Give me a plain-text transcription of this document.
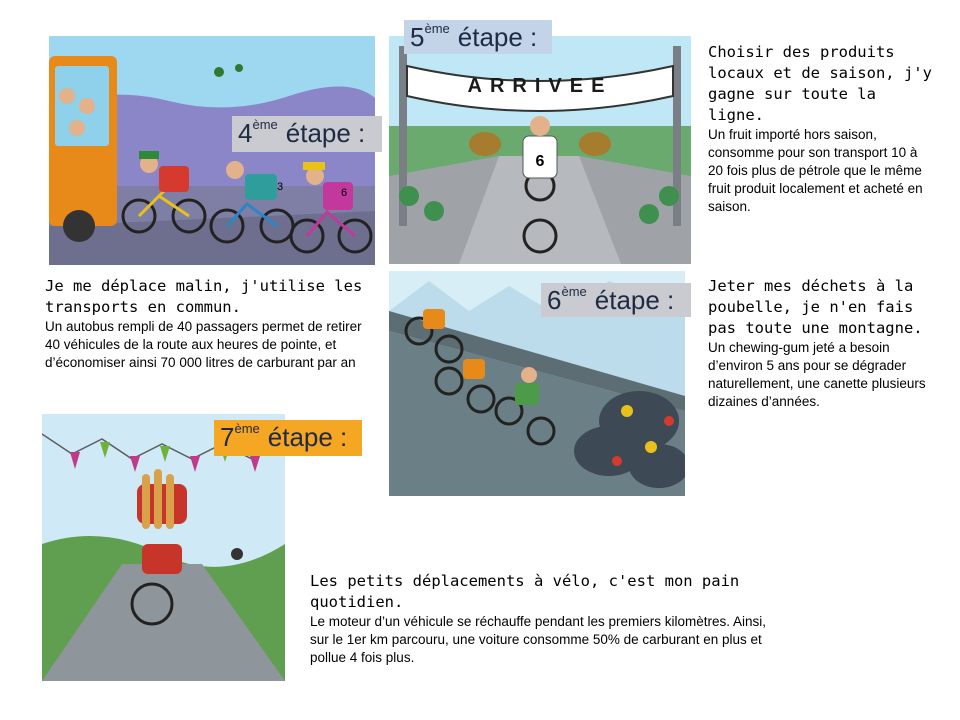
3	6
ARRIVEE
6
4 ème étape :
5 ème étape :
6 ème étape :
7 ème étape :
Choisir des produits locaux et de saison, j'y gagne sur toute la ligne.
Un fruit importé hors saison, consomme pour son transport 10 à 20 fois plus de pétrole que le même fruit produit localement et acheté en saison.
Je me déplace malin, j'utilise les transports en commun.
Un autobus rempli de 40 passagers permet de retirer 40 véhicules de la route aux heures de pointe, et d’économiser ainsi 70 000 litres de carburant par an
Jeter mes déchets à la poubelle, je n'en fais pas toute une montagne.
Un chewing-gum jeté a besoin d’environ 5 ans pour se dégrader naturellement, une canette plusieurs dizaines d’années.
Les petits déplacements à vélo, c'est mon pain quotidien.
Le moteur d’un véhicule se réchauffe pendant les premiers kilomètres. Ainsi, sur le 1er km parcouru, une voiture consomme 50% de carburant en plus et pollue 4 fois plus.
